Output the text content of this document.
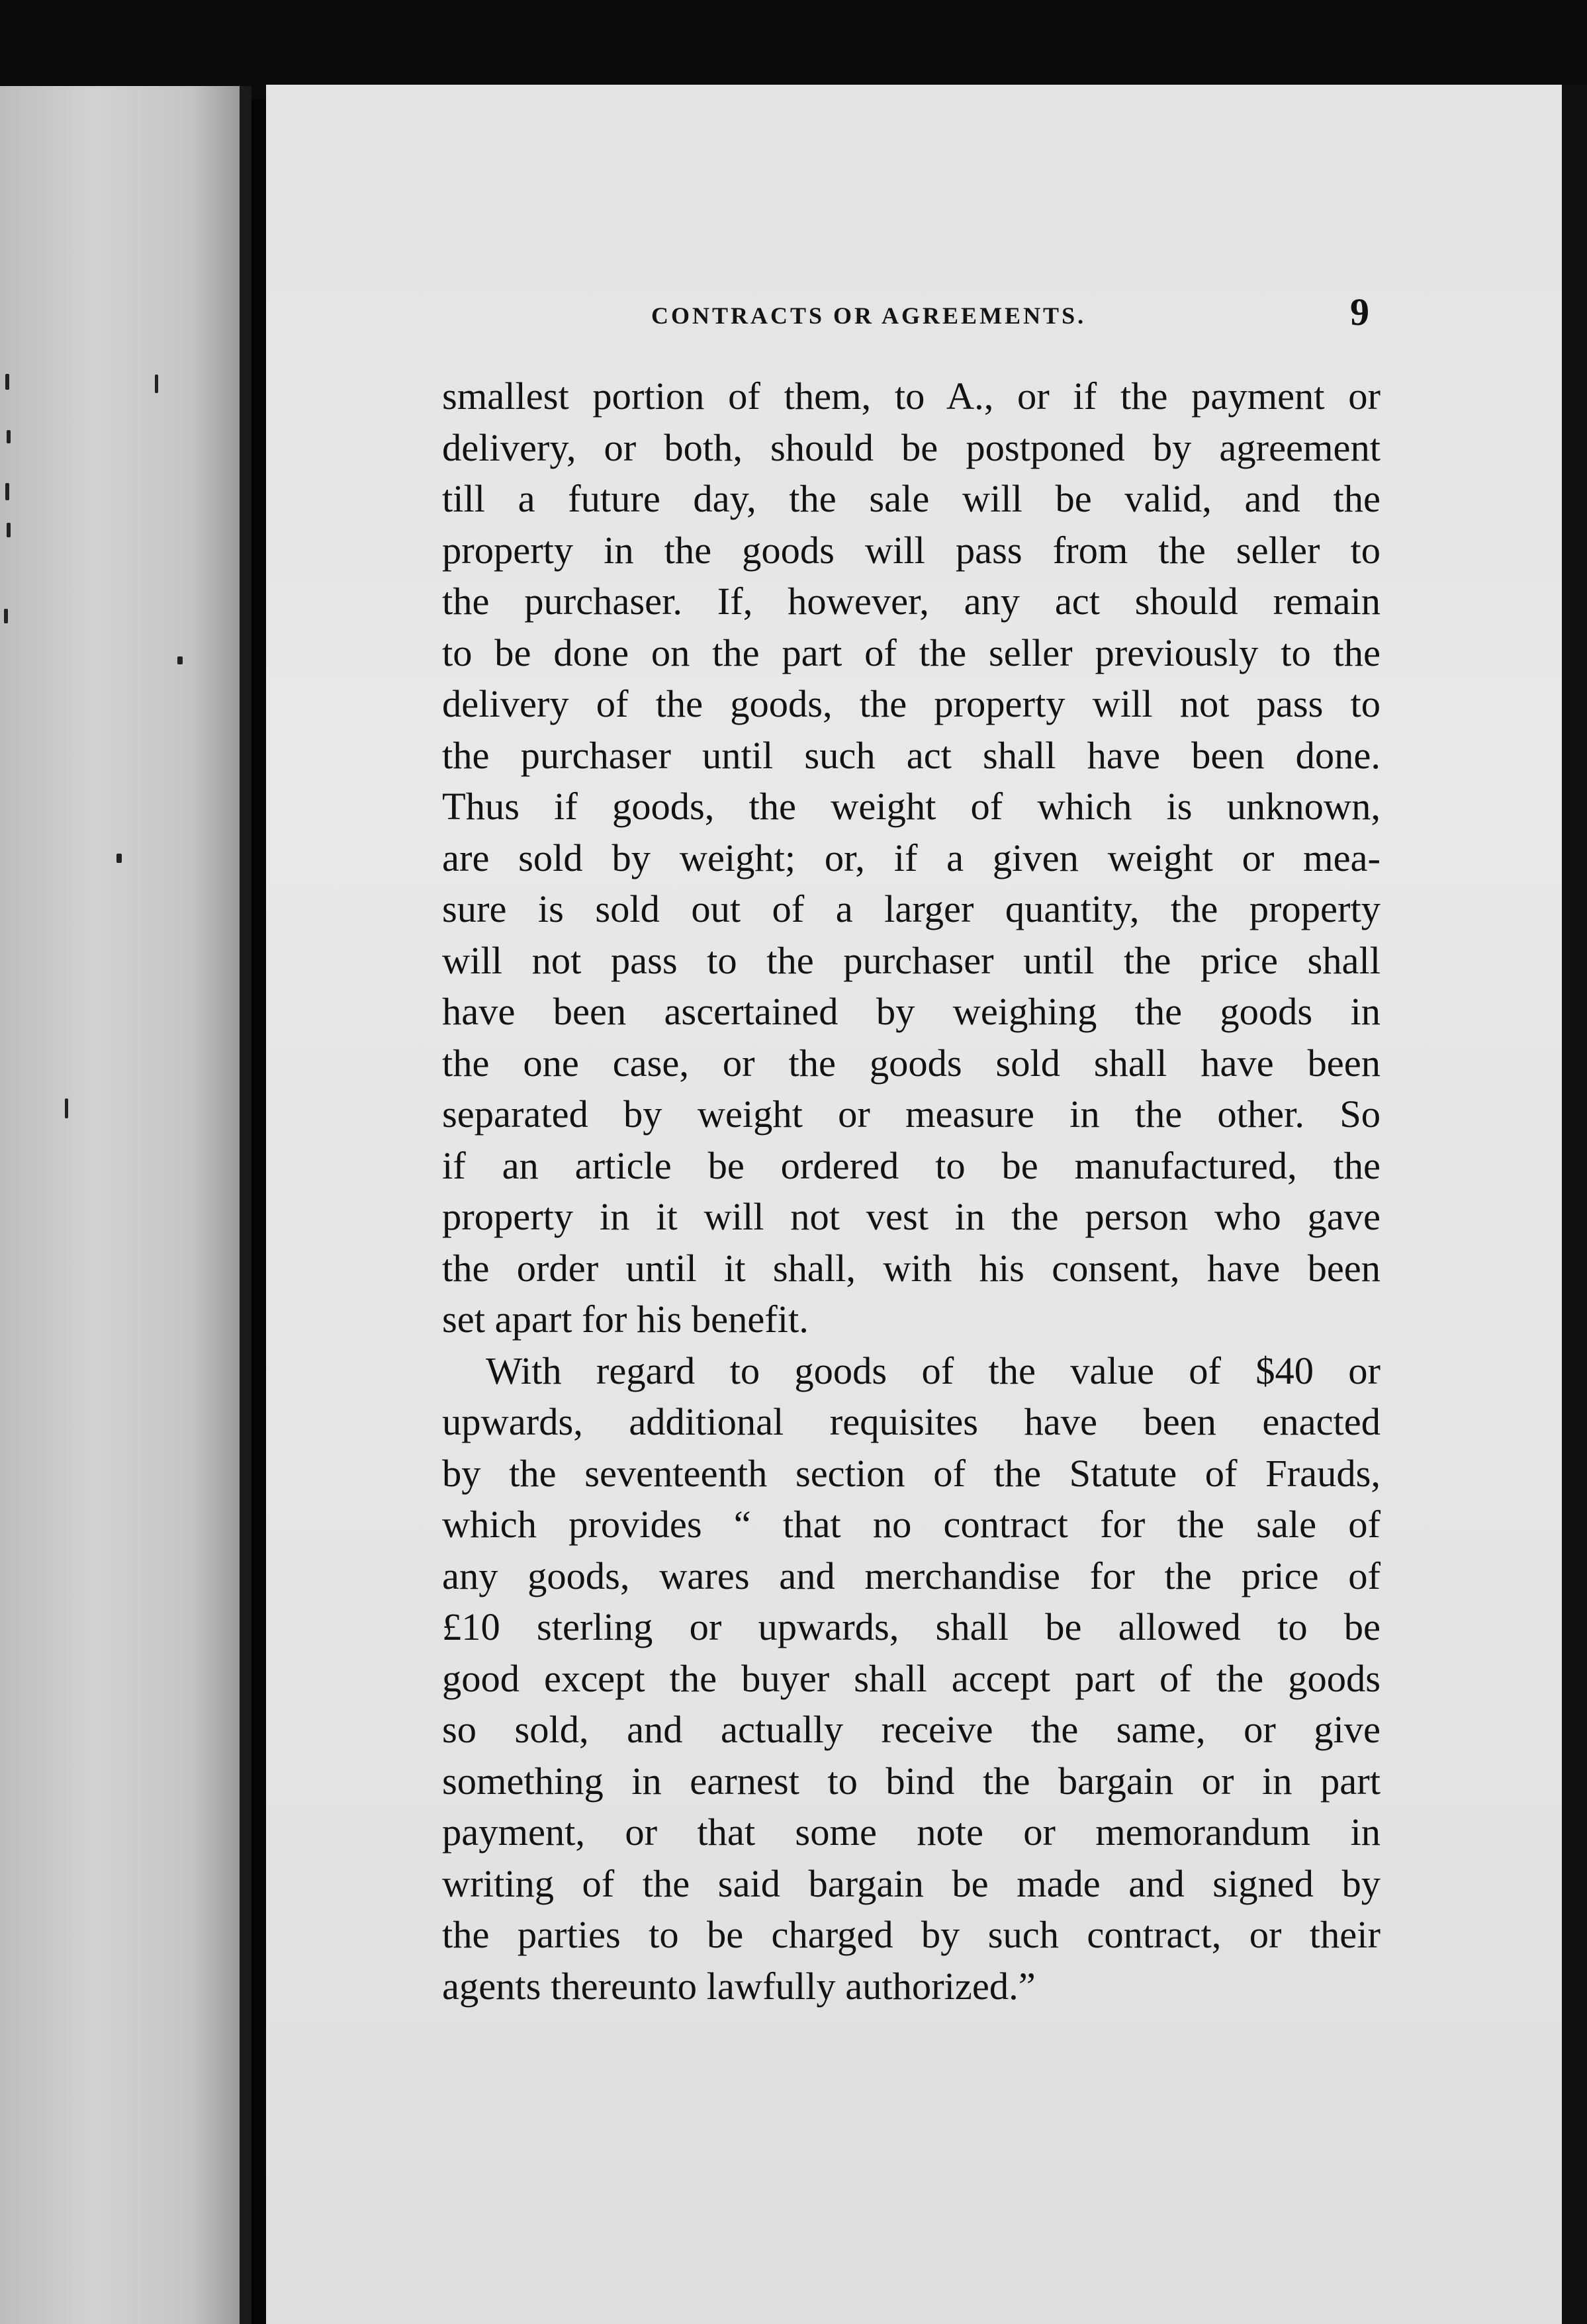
CONTRACTS OR AGREEMENTS.	9
smallest portion of them, to A., or if the payment or
delivery, or both, should be postponed by agreement
till a future day, the sale will be valid, and the
property in the goods will pass from the seller to
the purchaser. If, however, any act should remain
to be done on the part of the seller previously to the
delivery of the goods, the property will not pass to
the purchaser until such act shall have been done.
Thus if goods, the weight of which is unknown,
are sold by weight; or, if a given weight or mea-
sure is sold out of a larger quantity, the property
will not pass to the purchaser until the price shall
have been ascertained by weighing the goods in
the one case, or the goods sold shall have been
separated by weight or measure in the other. So
if an article be ordered to be manufactured, the
property in it will not vest in the person who gave
the order until it shall, with his consent, have been
set apart for his benefit.
With regard to goods of the value of $40 or
upwards, additional requisites have been enacted
by the seventeenth section of the Statute of Frauds,
which provides “ that no contract for the sale of
any goods, wares and merchandise for the price of
£10 sterling or upwards, shall be allowed to be
good except the buyer shall accept part of the goods
so sold, and actually receive the same, or give
something in earnest to bind the bargain or in part
payment, or that some note or memorandum in
writing of the said bargain be made and signed by
the parties to be charged by such contract, or their
agents thereunto lawfully authorized.”
